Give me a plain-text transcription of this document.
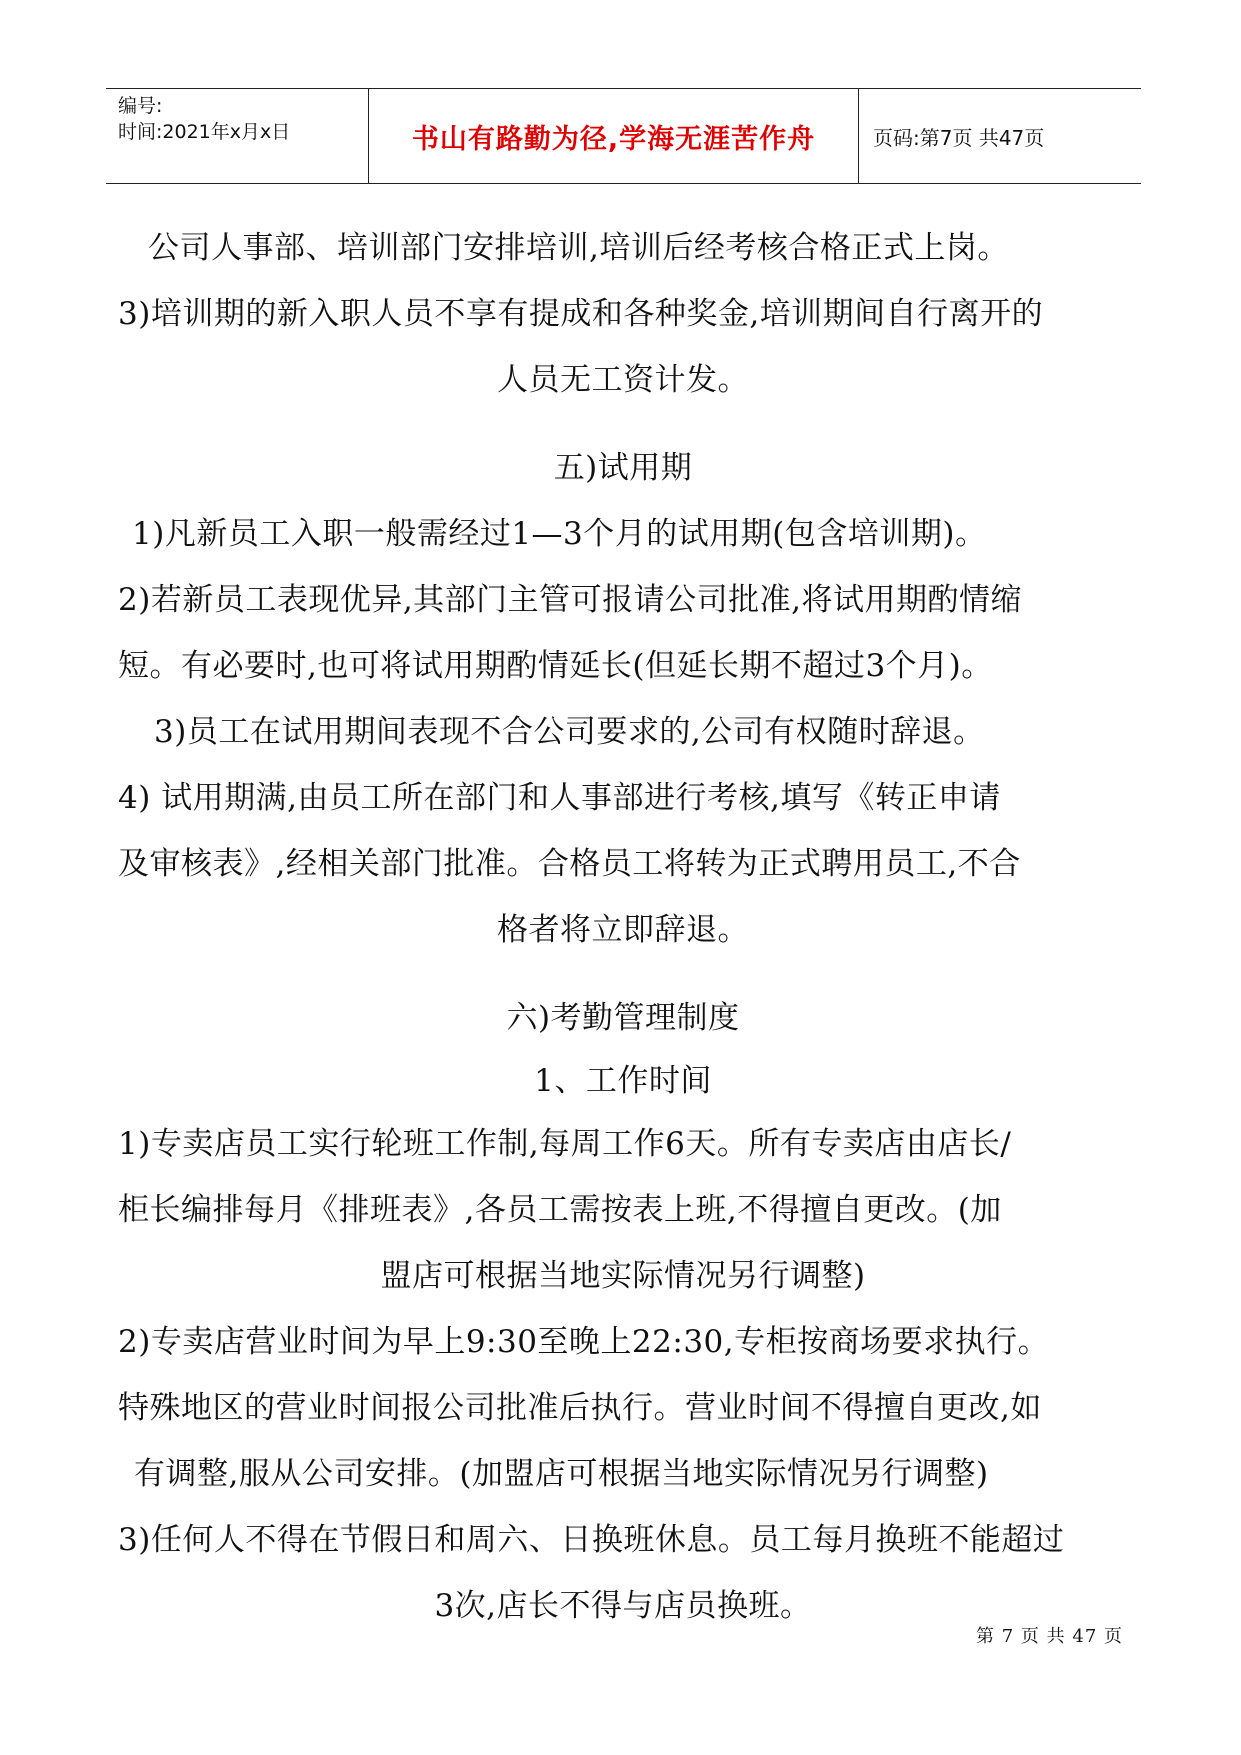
编号:
时间:2021年x月x日	书山有路勤为径,学海无涯苦作舟	页码:第7页 共47页
公司人事部、培训部门安排培训,培训后经考核合格正式上岗。
3)培训期的新入职人员不享有提成和各种奖金,培训期间自行离开的
人员无工资计发。
五)试用期
1)凡新员工入职一般需经过1—3个月的试用期(包含培训期)。
2)若新员工表现优异,其部门主管可报请公司批准,将试用期酌情缩
短。有必要时,也可将试用期酌情延长(但延长期不超过3个月)。
3)员工在试用期间表现不合公司要求的,公司有权随时辞退。
4) 试用期满,由员工所在部门和人事部进行考核,填写《转正申请
及审核表》,经相关部门批准。合格员工将转为正式聘用员工,不合
格者将立即辞退。
六)考勤管理制度
1、工作时间
1)专卖店员工实行轮班工作制,每周工作6天。所有专卖店由店长/
柜长编排每月《排班表》,各员工需按表上班,不得擅自更改。(加
盟店可根据当地实际情况另行调整)
2)专卖店营业时间为早上9:30至晚上22:30,专柜按商场要求执行。
特殊地区的营业时间报公司批准后执行。营业时间不得擅自更改,如
有调整,服从公司安排。(加盟店可根据当地实际情况另行调整)
3)任何人不得在节假日和周六、日换班休息。员工每月换班不能超过
3次,店长不得与店员换班。
第 7 页 共 47 页
